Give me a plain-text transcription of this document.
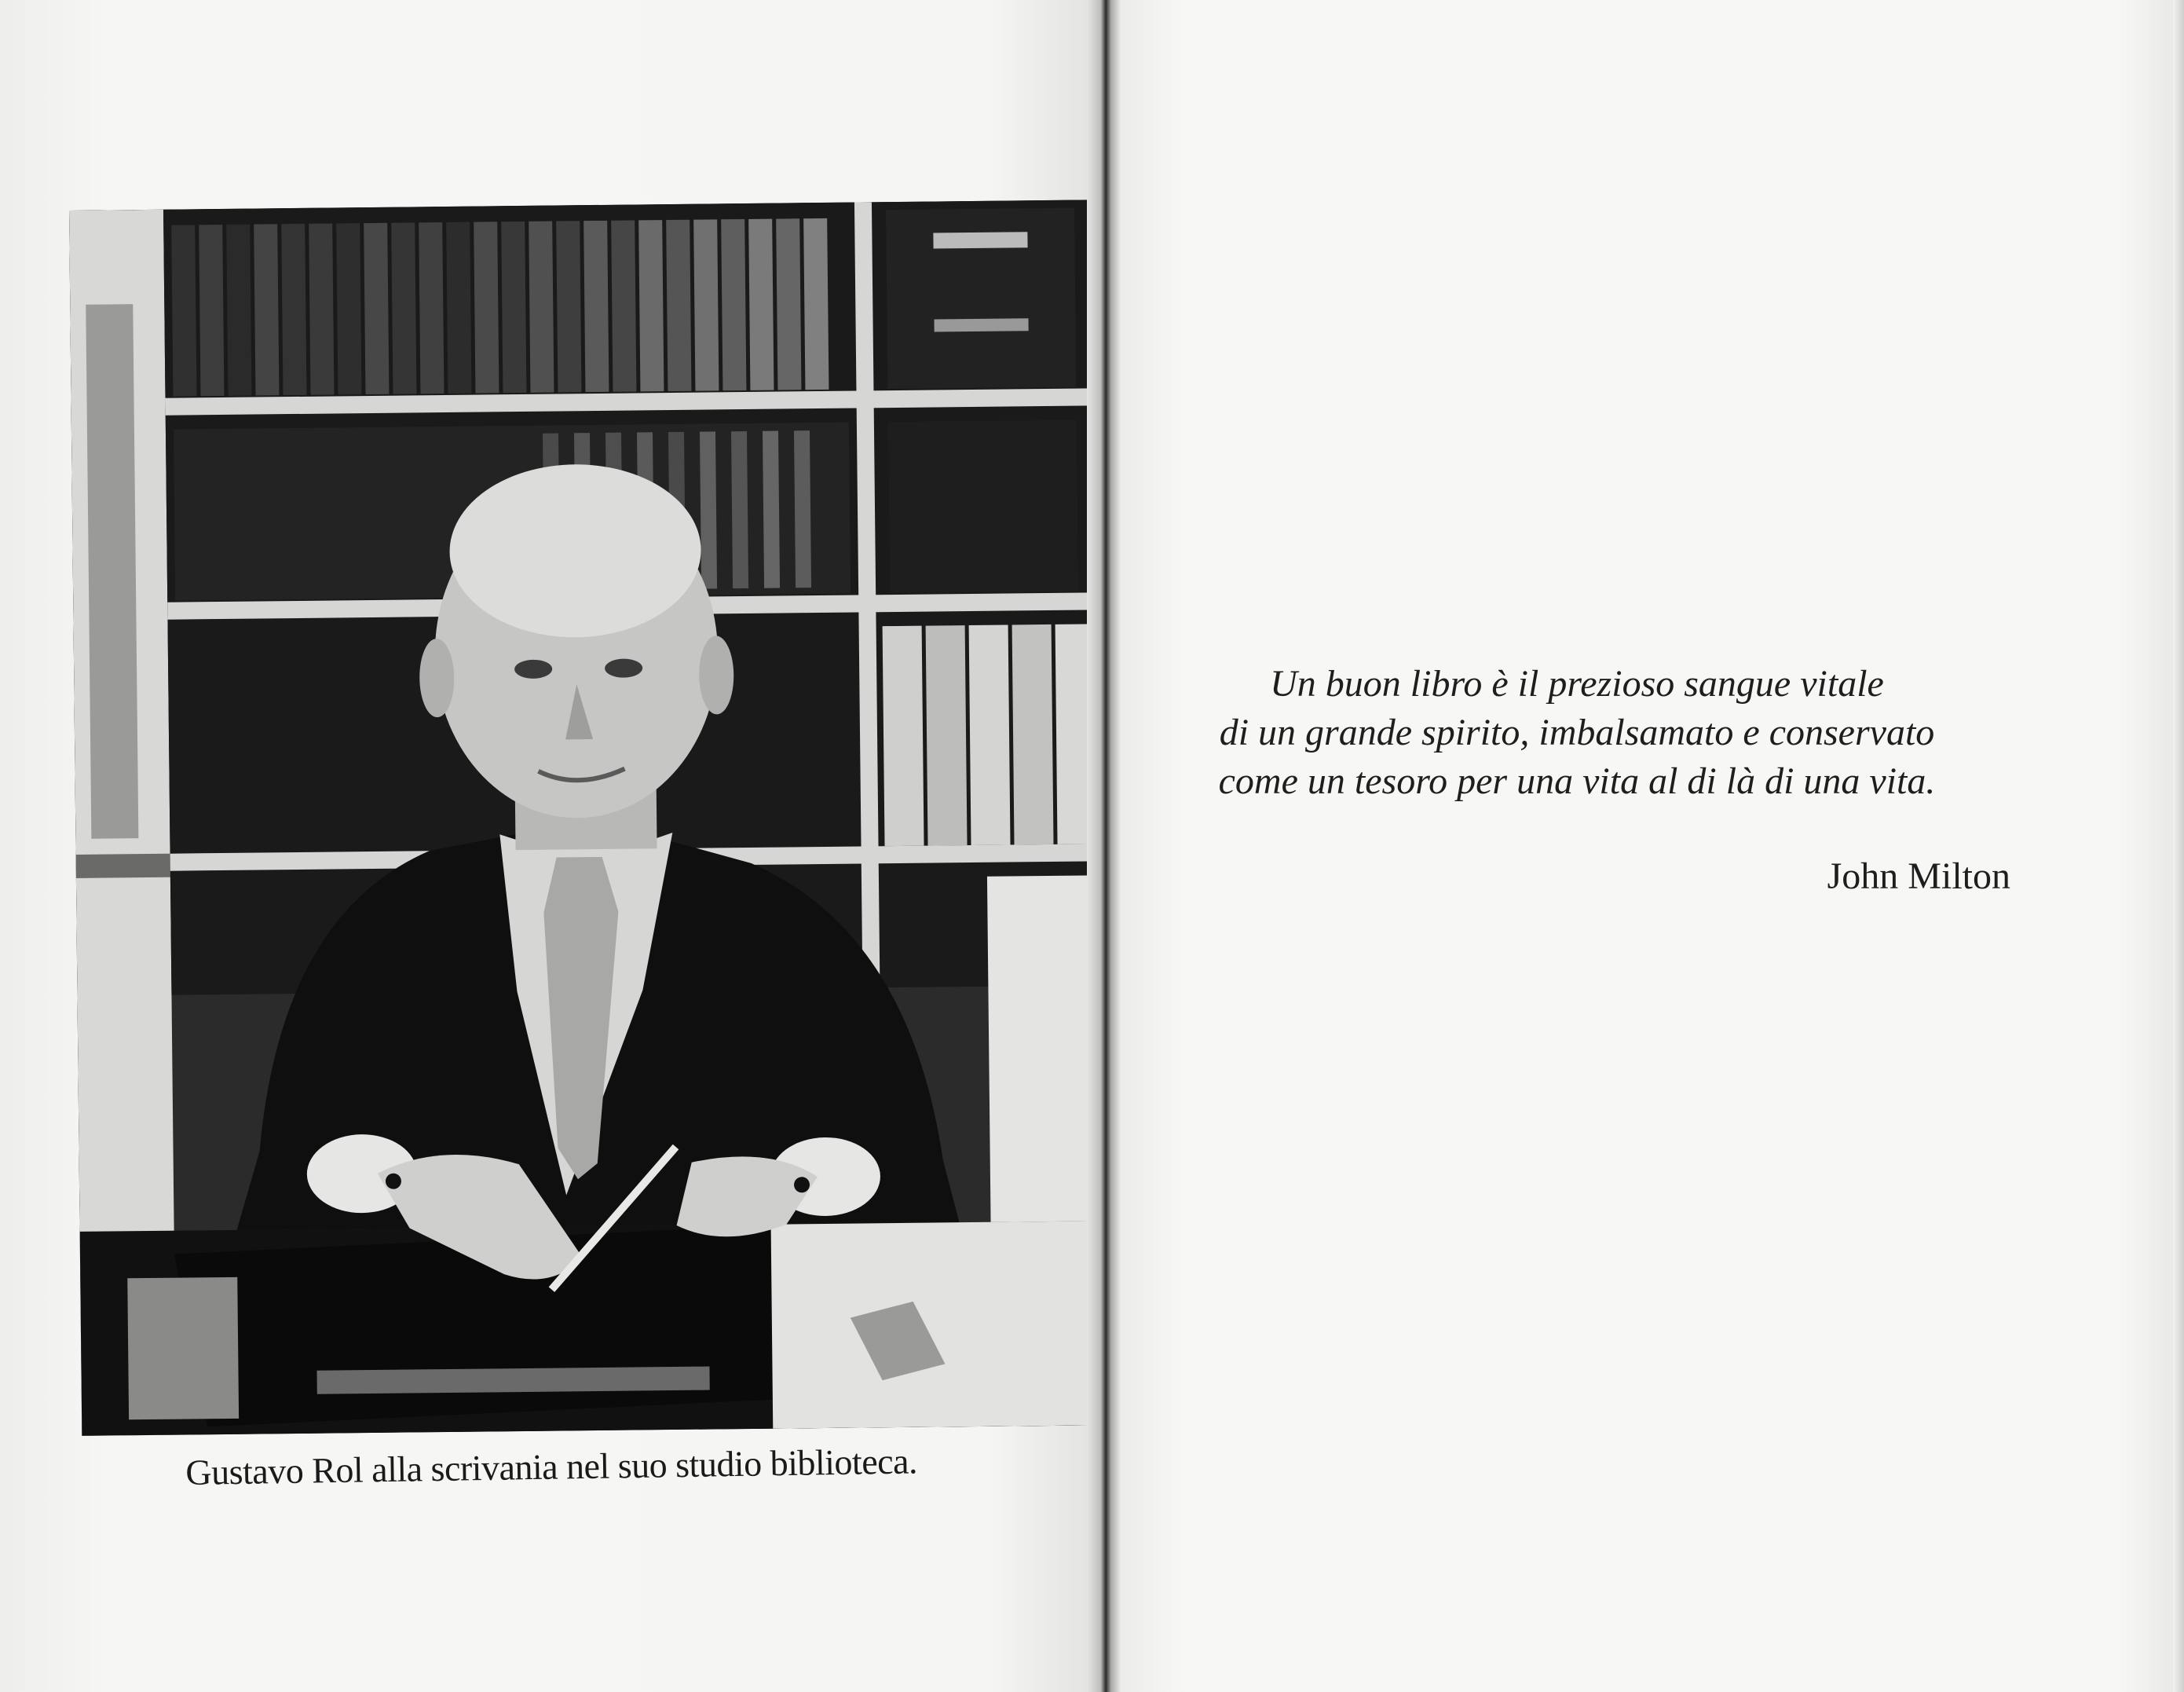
Gustavo Rol alla scrivania nel suo studio biblioteca.
Un buon libro è il prezioso sangue vitale
di un grande spirito, imbalsamato e conservato
come un tesoro per una vita al di là di una vita.
John Milton
